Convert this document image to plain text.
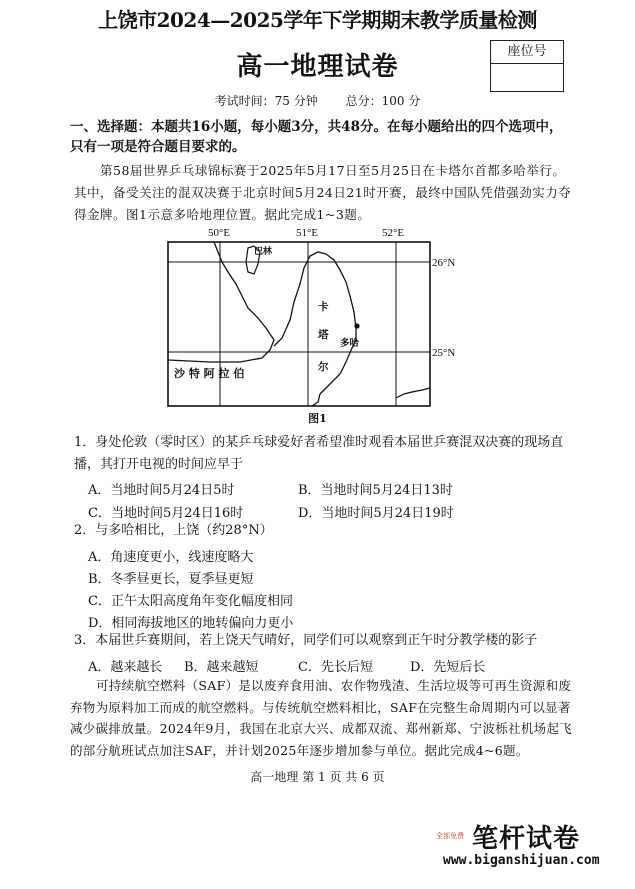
上饶市2024—2025学年下学期期末教学质量检测
高一地理试卷
座位号
考试时间：75 分钟 总分：100 分
一、选择题：本题共16小题，每小题3分，共48分。在每小题给出的四个选项中，只有一项是符合题目要求的。
第58届世界乒乓球锦标赛于2025年5月17日至5月25日在卡塔尔首都多哈举行。其中，备受关注的混双决赛于北京时间5月24日21时开赛，最终中国队凭借强劲实力夺得金牌。图1示意多哈地理位置。据此完成1~3题。
50°E	51°E	52°E
26°N
25°N
巴林
卡
塔
尔
多哈
沙 特 阿 拉 伯
图1
1．身处伦敦（零时区）的某乒乓球爱好者希望准时观看本届世乒赛混双决赛的现场直播，其打开电视的时间应早于
A．当地时间5月24日5时	B．当地时间5月24日13时
C．当地时间5月24日16时	D．当地时间5月24日19时
2．与多哈相比，上饶（约28°N）
A．角速度更小，线速度略大
B．冬季昼更长，夏季昼更短
C．正午太阳高度角年变化幅度相同
D．相同海拔地区的地转偏向力更小
3．本届世乒赛期间，若上饶天气晴好，同学们可以观察到正午时分教学楼的影子
A．越来越长 B．越来越短	C．先长后短	D．先短后长
可持续航空燃料（SAF）是以废弃食用油、农作物残渣、生活垃圾等可再生资源和废弃物为原料加工而成的航空燃料。与传统航空燃料相比，SAF在完整生命周期内可以显著减少碳排放量。2024年9月，我国在北京大兴、成都双流、郑州新郑、宁波栎社机场起飞的部分航班试点加注SAF，并计划2025年逐步增加参与单位。据此完成4~6题。
高一地理 第 1 页 共 6 页
全部免费 笔杆试卷
www.biganshijuan.com
